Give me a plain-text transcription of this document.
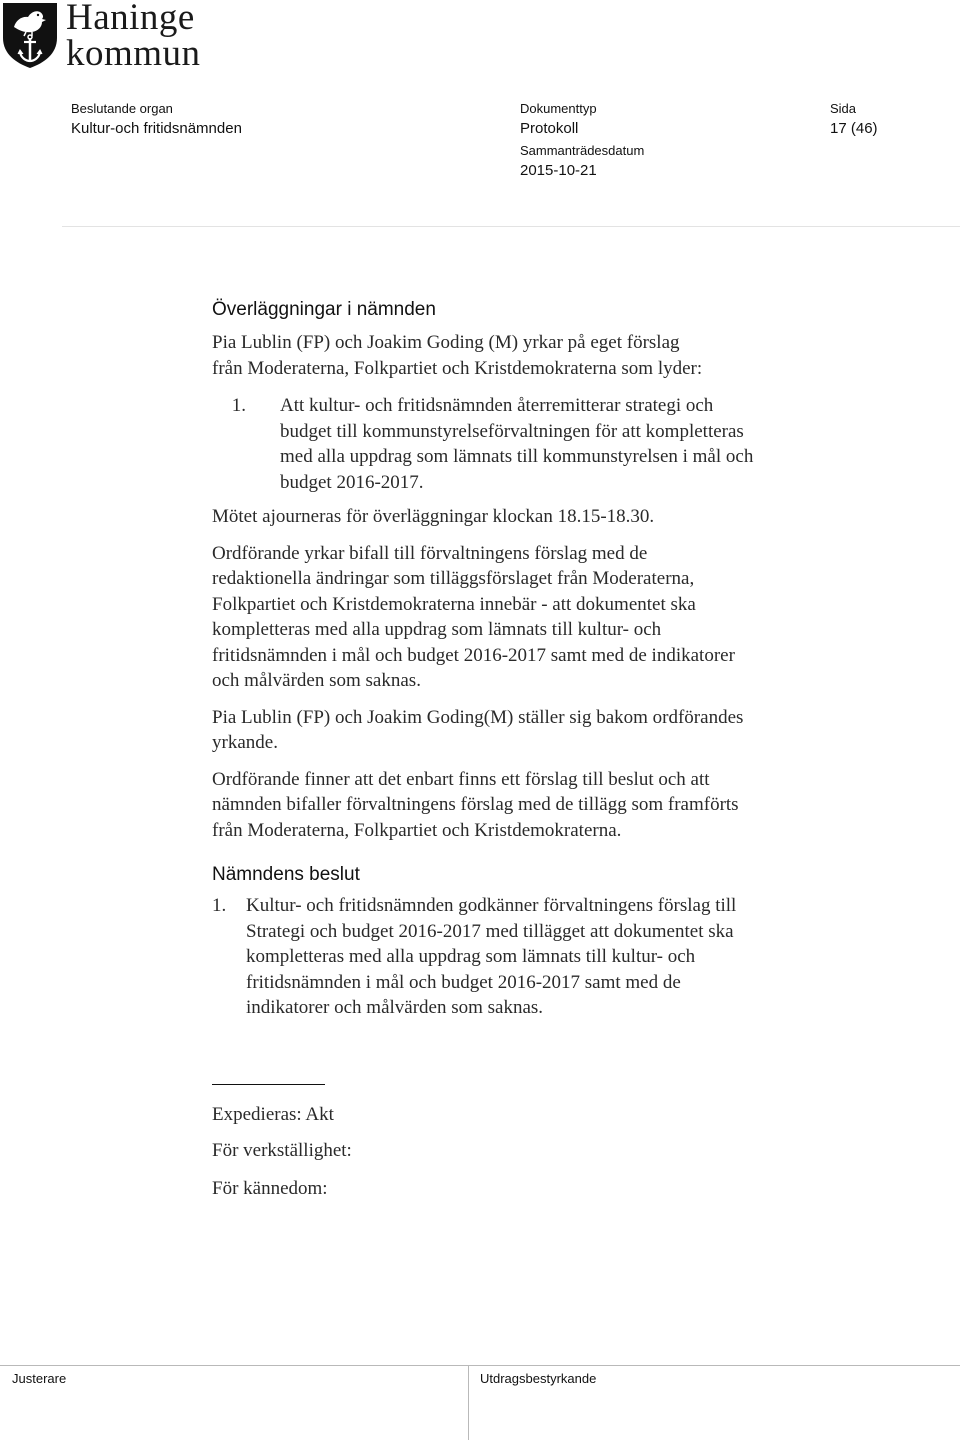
Haninge
kommun
Beslutande organ
Kultur-och fritidsnämnden
Dokumenttyp
Protokoll
Sammanträdesdatum
2015-10-21
Sida
17 (46)
Överläggningar i nämnden

Pia Lublin (FP) och Joakim Goding (M) yrkar på eget förslag
från Moderaterna, Folkpartiet och Kristdemokraterna som lyder:

1.	Att kultur- och fritidsnämnden återremitterar strategi och
budget till kommunstyrelseförvaltningen för att kompletteras
med alla uppdrag som lämnats till kommunstyrelsen i mål och
budget 2016-2017.

Mötet ajourneras för överläggningar klockan 18.15-18.30.

Ordförande yrkar bifall till förvaltningens förslag med de
redaktionella ändringar som tilläggsförslaget från Moderaterna,
Folkpartiet och Kristdemokraterna innebär - att dokumentet ska
kompletteras med alla uppdrag som lämnats till kultur- och
fritidsnämnden i mål och budget 2016-2017 samt med de indikatorer
och målvärden som saknas.

Pia Lublin (FP) och Joakim Goding(M) ställer sig bakom ordförandes
yrkande.

Ordförande finner att det enbart finns ett förslag till beslut och att
nämnden bifaller förvaltningens förslag med de tillägg som framförts
från Moderaterna, Folkpartiet och Kristdemokraterna.

Nämndens beslut

1.	Kultur- och fritidsnämnden godkänner förvaltningens förslag till
Strategi och budget 2016-2017 med tillägget att dokumentet ska
kompletteras med alla uppdrag som lämnats till kultur- och
fritidsnämnden i mål och budget 2016-2017 samt med de
indikatorer och målvärden som saknas.

Expedieras: Akt
För verkställighet:
För kännedom:
Justerare	Utdragsbestyrkande
